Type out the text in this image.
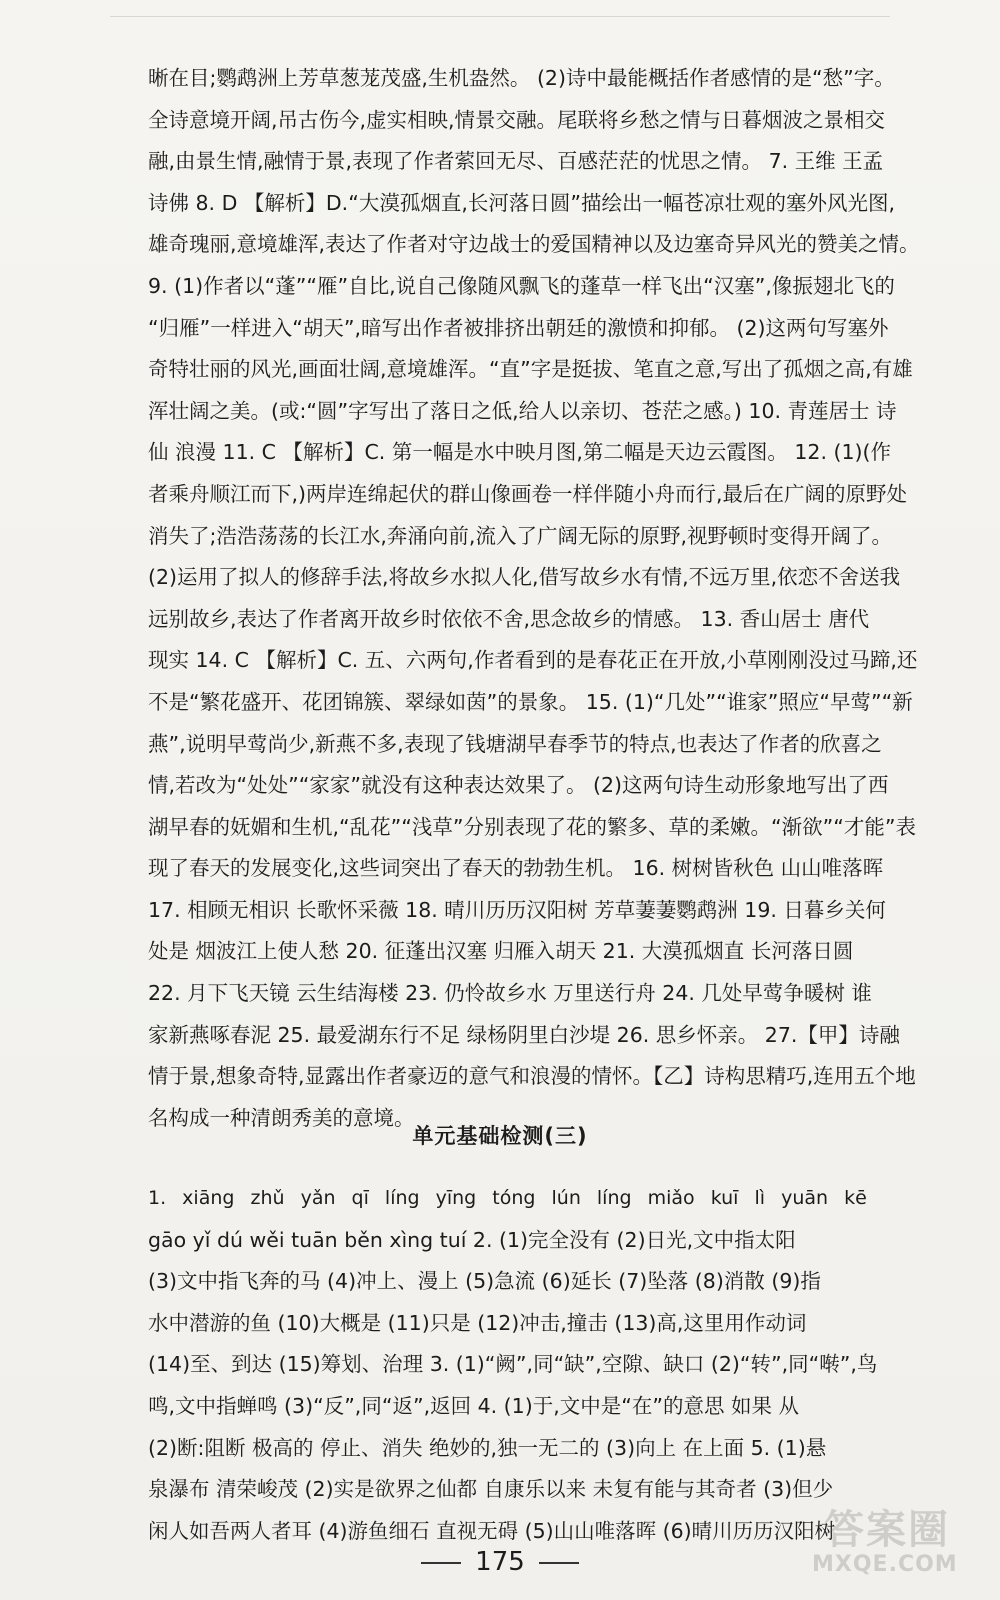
晰在目;鹦鹉洲上芳草葱茏茂盛,生机盎然。 (2)诗中最能概括作者感情的是“愁”字。
全诗意境开阔,吊古伤今,虚实相映,情景交融。尾联将乡愁之情与日暮烟波之景相交
融,由景生情,融情于景,表现了作者萦回无尽、百感茫茫的忧思之情。 7. 王维 王孟
诗佛 8. D 【解析】D.“大漠孤烟直,长河落日圆”描绘出一幅苍凉壮观的塞外风光图,
雄奇瑰丽,意境雄浑,表达了作者对守边战士的爱国精神以及边塞奇异风光的赞美之情。
9. (1)作者以“蓬”“雁”自比,说自己像随风飘飞的蓬草一样飞出“汉塞”,像振翅北飞的
“归雁”一样进入“胡天”,暗写出作者被排挤出朝廷的激愤和抑郁。 (2)这两句写塞外
奇特壮丽的风光,画面壮阔,意境雄浑。“直”字是挺拔、笔直之意,写出了孤烟之高,有雄
浑壮阔之美。(或:“圆”字写出了落日之低,给人以亲切、苍茫之感。) 10. 青莲居士 诗
仙 浪漫 11. C 【解析】C. 第一幅是水中映月图,第二幅是天边云霞图。 12. (1)(作
者乘舟顺江而下,)两岸连绵起伏的群山像画卷一样伴随小舟而行,最后在广阔的原野处
消失了;浩浩荡荡的长江水,奔涌向前,流入了广阔无际的原野,视野顿时变得开阔了。
(2)运用了拟人的修辞手法,将故乡水拟人化,借写故乡水有情,不远万里,依恋不舍送我
远别故乡,表达了作者离开故乡时依依不舍,思念故乡的情感。 13. 香山居士 唐代
现实 14. C 【解析】C. 五、六两句,作者看到的是春花正在开放,小草刚刚没过马蹄,还
不是“繁花盛开、花团锦簇、翠绿如茵”的景象。 15. (1)“几处”“谁家”照应“早莺”“新
燕”,说明早莺尚少,新燕不多,表现了钱塘湖早春季节的特点,也表达了作者的欣喜之
情,若改为“处处”“家家”就没有这种表达效果了。 (2)这两句诗生动形象地写出了西
湖早春的妩媚和生机,“乱花”“浅草”分别表现了花的繁多、草的柔嫩。“渐欲”“才能”表
现了春天的发展变化,这些词突出了春天的勃勃生机。 16. 树树皆秋色 山山唯落晖
17. 相顾无相识 长歌怀采薇 18. 晴川历历汉阳树 芳草萋萋鹦鹉洲 19. 日暮乡关何
处是 烟波江上使人愁 20. 征蓬出汉塞 归雁入胡天 21. 大漠孤烟直 长河落日圆
22. 月下飞天镜 云生结海楼 23. 仍怜故乡水 万里送行舟 24. 几处早莺争暖树 谁
家新燕啄春泥 25. 最爱湖东行不足 绿杨阴里白沙堤 26. 思乡怀亲。 27.【甲】诗融
情于景,想象奇特,显露出作者豪迈的意气和浪漫的情怀。【乙】诗构思精巧,连用五个地
名构成一种清朗秀美的意境。
单元基础检测(三)
1. xiāng zhǔ yǎn qī líng yīng tóng lún líng miǎo kuī lì yuān kē
gāo yǐ dú wěi tuān běn xìng tuí 2. (1)完全没有 (2)日光,文中指太阳
(3)文中指飞奔的马 (4)冲上、漫上 (5)急流 (6)延长 (7)坠落 (8)消散 (9)指
水中潜游的鱼 (10)大概是 (11)只是 (12)冲击,撞击 (13)高,这里用作动词
(14)至、到达 (15)筹划、治理 3. (1)“阙”,同“缺”,空隙、缺口 (2)“转”,同“啭”,鸟
鸣,文中指蝉鸣 (3)“反”,同“返”,返回 4. (1)于,文中是“在”的意思 如果 从
(2)断:阻断 极高的 停止、消失 绝妙的,独一无二的 (3)向上 在上面 5. (1)悬
泉瀑布 清荣峻茂 (2)实是欲界之仙都 自康乐以来 未复有能与其奇者 (3)但少
闲人如吾两人者耳 (4)游鱼细石 直视无碍 (5)山山唯落晖 (6)晴川历历汉阳树
175
答案圈
MXQE.COM
